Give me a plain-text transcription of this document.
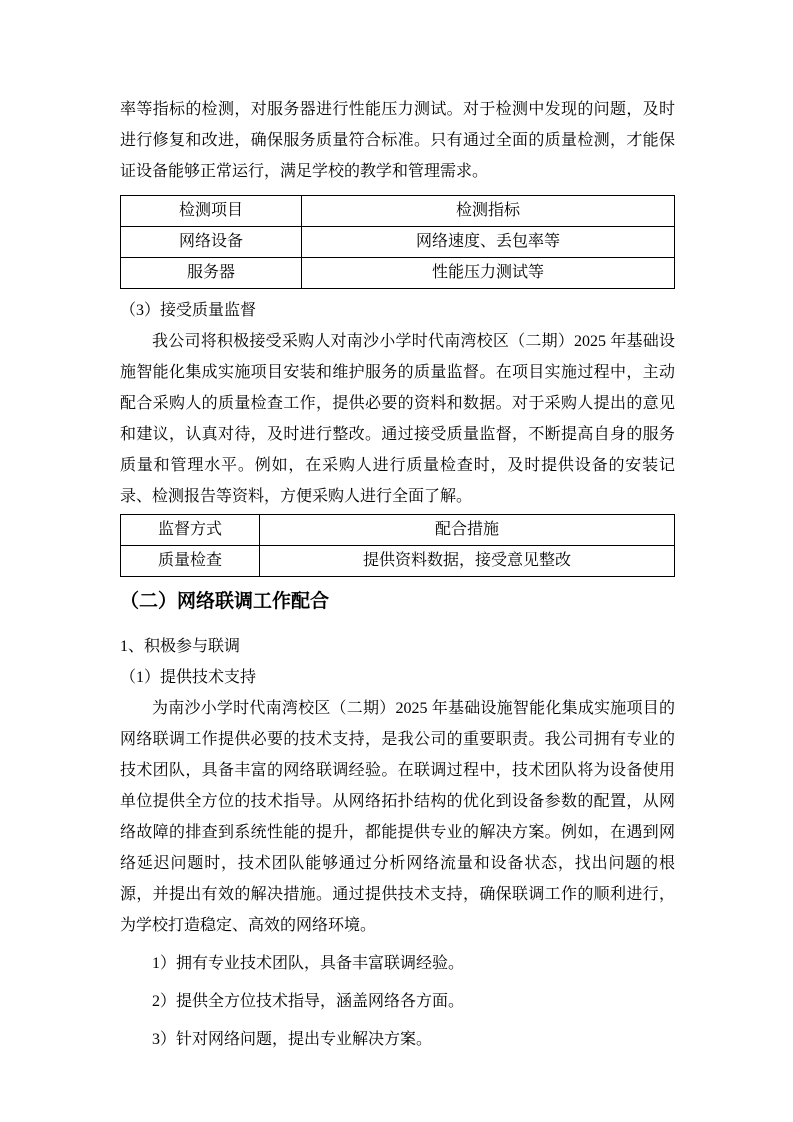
率等指标的检测，对服务器进行性能压力测试。对于检测中发现的问题，及时进行修复和改进，确保服务质量符合标准。只有通过全面的质量检测，才能保证设备能够正常运行，满足学校的教学和管理需求。

检测项目	检测指标
网络设备	网络速度、丢包率等
服务器	性能压力测试等

（3）接受质量监督

我公司将积极接受采购人对南沙小学时代南湾校区（二期）2025 年基础设施智能化集成实施项目安装和维护服务的质量监督。在项目实施过程中，主动配合采购人的质量检查工作，提供必要的资料和数据。对于采购人提出的意见和建议，认真对待，及时进行整改。通过接受质量监督，不断提高自身的服务质量和管理水平。例如，在采购人进行质量检查时，及时提供设备的安装记录、检测报告等资料，方便采购人进行全面了解。

监督方式	配合措施
质量检查	提供资料数据，接受意见整改
（二）网络联调工作配合

1、积极参与联调

（1）提供技术支持

为南沙小学时代南湾校区（二期）2025 年基础设施智能化集成实施项目的网络联调工作提供必要的技术支持，是我公司的重要职责。我公司拥有专业的技术团队，具备丰富的网络联调经验。在联调过程中，技术团队将为设备使用单位提供全方位的技术指导。从网络拓扑结构的优化到设备参数的配置，从网络故障的排查到系统性能的提升，都能提供专业的解决方案。例如，在遇到网络延迟问题时，技术团队能够通过分析网络流量和设备状态，找出问题的根源，并提出有效的解决措施。通过提供技术支持，确保联调工作的顺利进行，为学校打造稳定、高效的网络环境。

1）拥有专业技术团队，具备丰富联调经验。

2）提供全方位技术指导，涵盖网络各方面。

3）针对网络问题，提出专业解决方案。
